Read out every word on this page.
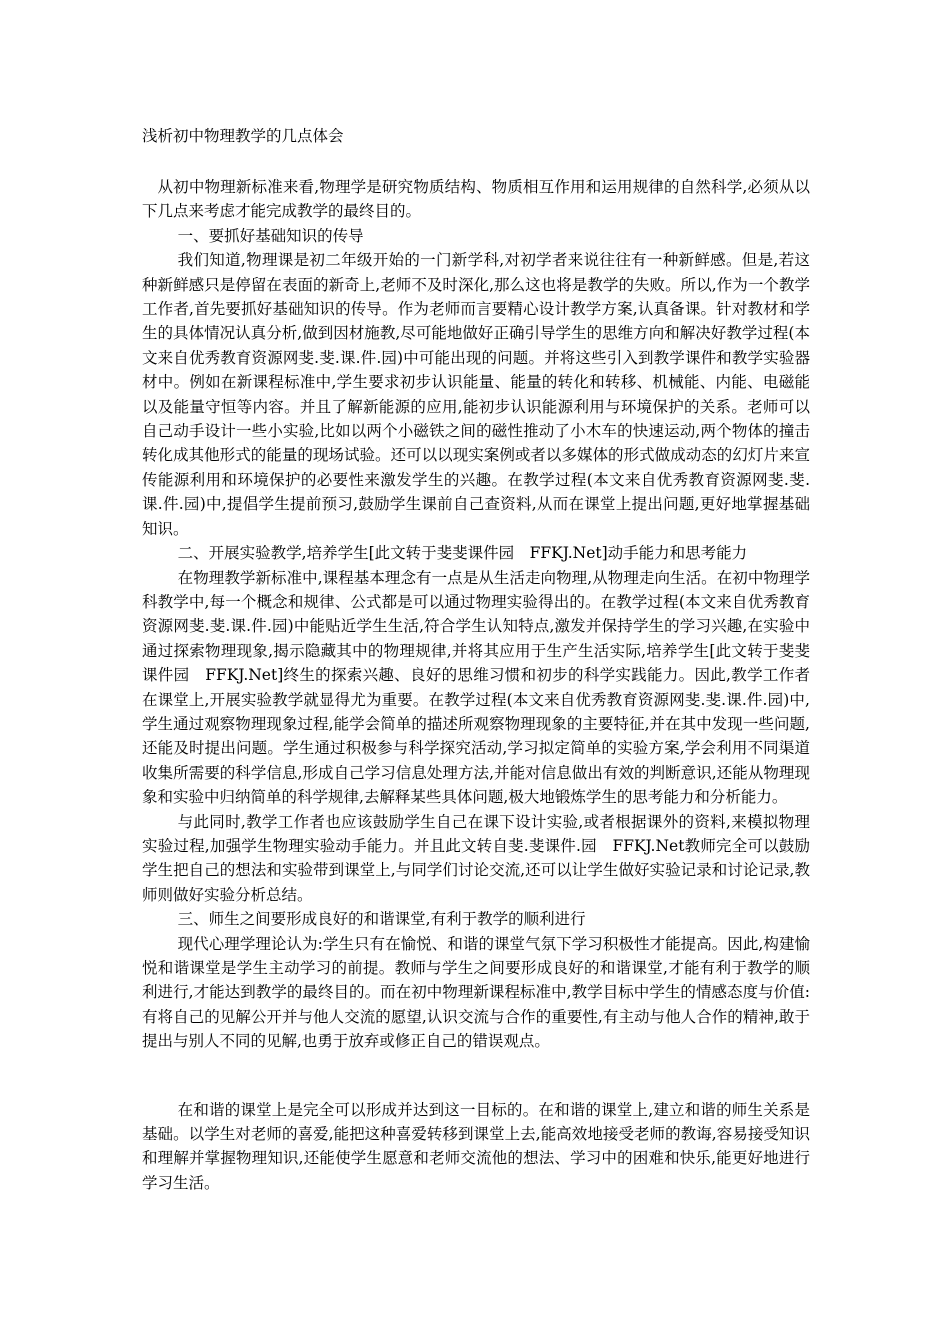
浅析初中物理教学的几点体会

从初中物理新标准来看,物理学是研究物质结构、物质相互作用和运用规律的自然科学,必须从以下几点来考虑才能完成教学的最终目的。

一、要抓好基础知识的传导

我们知道,物理课是初二年级开始的一门新学科,对初学者来说往往有一种新鲜感。但是,若这种新鲜感只是停留在表面的新奇上,老师不及时深化,那么这也将是教学的失败。所以,作为一个教学工作者,首先要抓好基础知识的传导。作为老师而言要精心设计教学方案,认真备课。针对教材和学生的具体情况认真分析,做到因材施教,尽可能地做好正确引导学生的思维方向和解决好教学过程(本文来自优秀教育资源网斐.斐.课.件.园)中可能出现的问题。并将这些引入到教学课件和教学实验器材中。例如在新课程标准中,学生要求初步认识能量、能量的转化和转移、机械能、内能、电磁能以及能量守恒等内容。并且了解新能源的应用,能初步认识能源利用与环境保护的关系。老师可以自己动手设计一些小实验,比如以两个小磁铁之间的磁性推动了小木车的快速运动,两个物体的撞击转化成其他形式的能量的现场试验。还可以以现实案例或者以多媒体的形式做成动态的幻灯片来宣传能源利用和环境保护的必要性来激发学生的兴趣。在教学过程(本文来自优秀教育资源网斐.斐.课.件.园)中,提倡学生提前预习,鼓励学生课前自己查资料,从而在课堂上提出问题,更好地掌握基础知识。

二、开展实验教学,培养学生[此文转于斐斐课件园　FFKJ.Net]动手能力和思考能力

在物理教学新标准中,课程基本理念有一点是从生活走向物理,从物理走向生活。在初中物理学科教学中,每一个概念和规律、公式都是可以通过物理实验得出的。在教学过程(本文来自优秀教育资源网斐.斐.课.件.园)中能贴近学生生活,符合学生认知特点,激发并保持学生的学习兴趣,在实验中通过探索物理现象,揭示隐藏其中的物理规律,并将其应用于生产生活实际,培养学生[此文转于斐斐课件园　FFKJ.Net]终生的探索兴趣、良好的思维习惯和初步的科学实践能力。因此,教学工作者在课堂上,开展实验教学就显得尤为重要。在教学过程(本文来自优秀教育资源网斐.斐.课.件.园)中,学生通过观察物理现象过程,能学会简单的描述所观察物理现象的主要特征,并在其中发现一些问题,还能及时提出问题。学生通过积极参与科学探究活动,学习拟定简单的实验方案,学会利用不同渠道收集所需要的科学信息,形成自己学习信息处理方法,并能对信息做出有效的判断意识,还能从物理现象和实验中归纳简单的科学规律,去解释某些具体问题,极大地锻炼学生的思考能力和分析能力。

与此同时,教学工作者也应该鼓励学生自己在课下设计实验,或者根据课外的资料,来模拟物理实验过程,加强学生物理实验动手能力。并且此文转自斐.斐课件.园　FFKJ.Net教师完全可以鼓励学生把自己的想法和实验带到课堂上,与同学们讨论交流,还可以让学生做好实验记录和讨论记录,教师则做好实验分析总结。

三、师生之间要形成良好的和谐课堂,有利于教学的顺利进行

现代心理学理论认为:学生只有在愉悦、和谐的课堂气氛下学习积极性才能提高。因此,构建愉悦和谐课堂是学生主动学习的前提。教师与学生之间要形成良好的和谐课堂,才能有利于教学的顺利进行,才能达到教学的最终目的。而在初中物理新课程标准中,教学目标中学生的情感态度与价值:有将自己的见解公开并与他人交流的愿望,认识交流与合作的重要性,有主动与他人合作的精神,敢于提出与别人不同的见解,也勇于放弃或修正自己的错误观点。

在和谐的课堂上是完全可以形成并达到这一目标的。在和谐的课堂上,建立和谐的师生关系是基础。以学生对老师的喜爱,能把这种喜爱转移到课堂上去,能高效地接受老师的教诲,容易接受知识和理解并掌握物理知识,还能使学生愿意和老师交流他的想法、学习中的困难和快乐,能更好地进行学习生活。
